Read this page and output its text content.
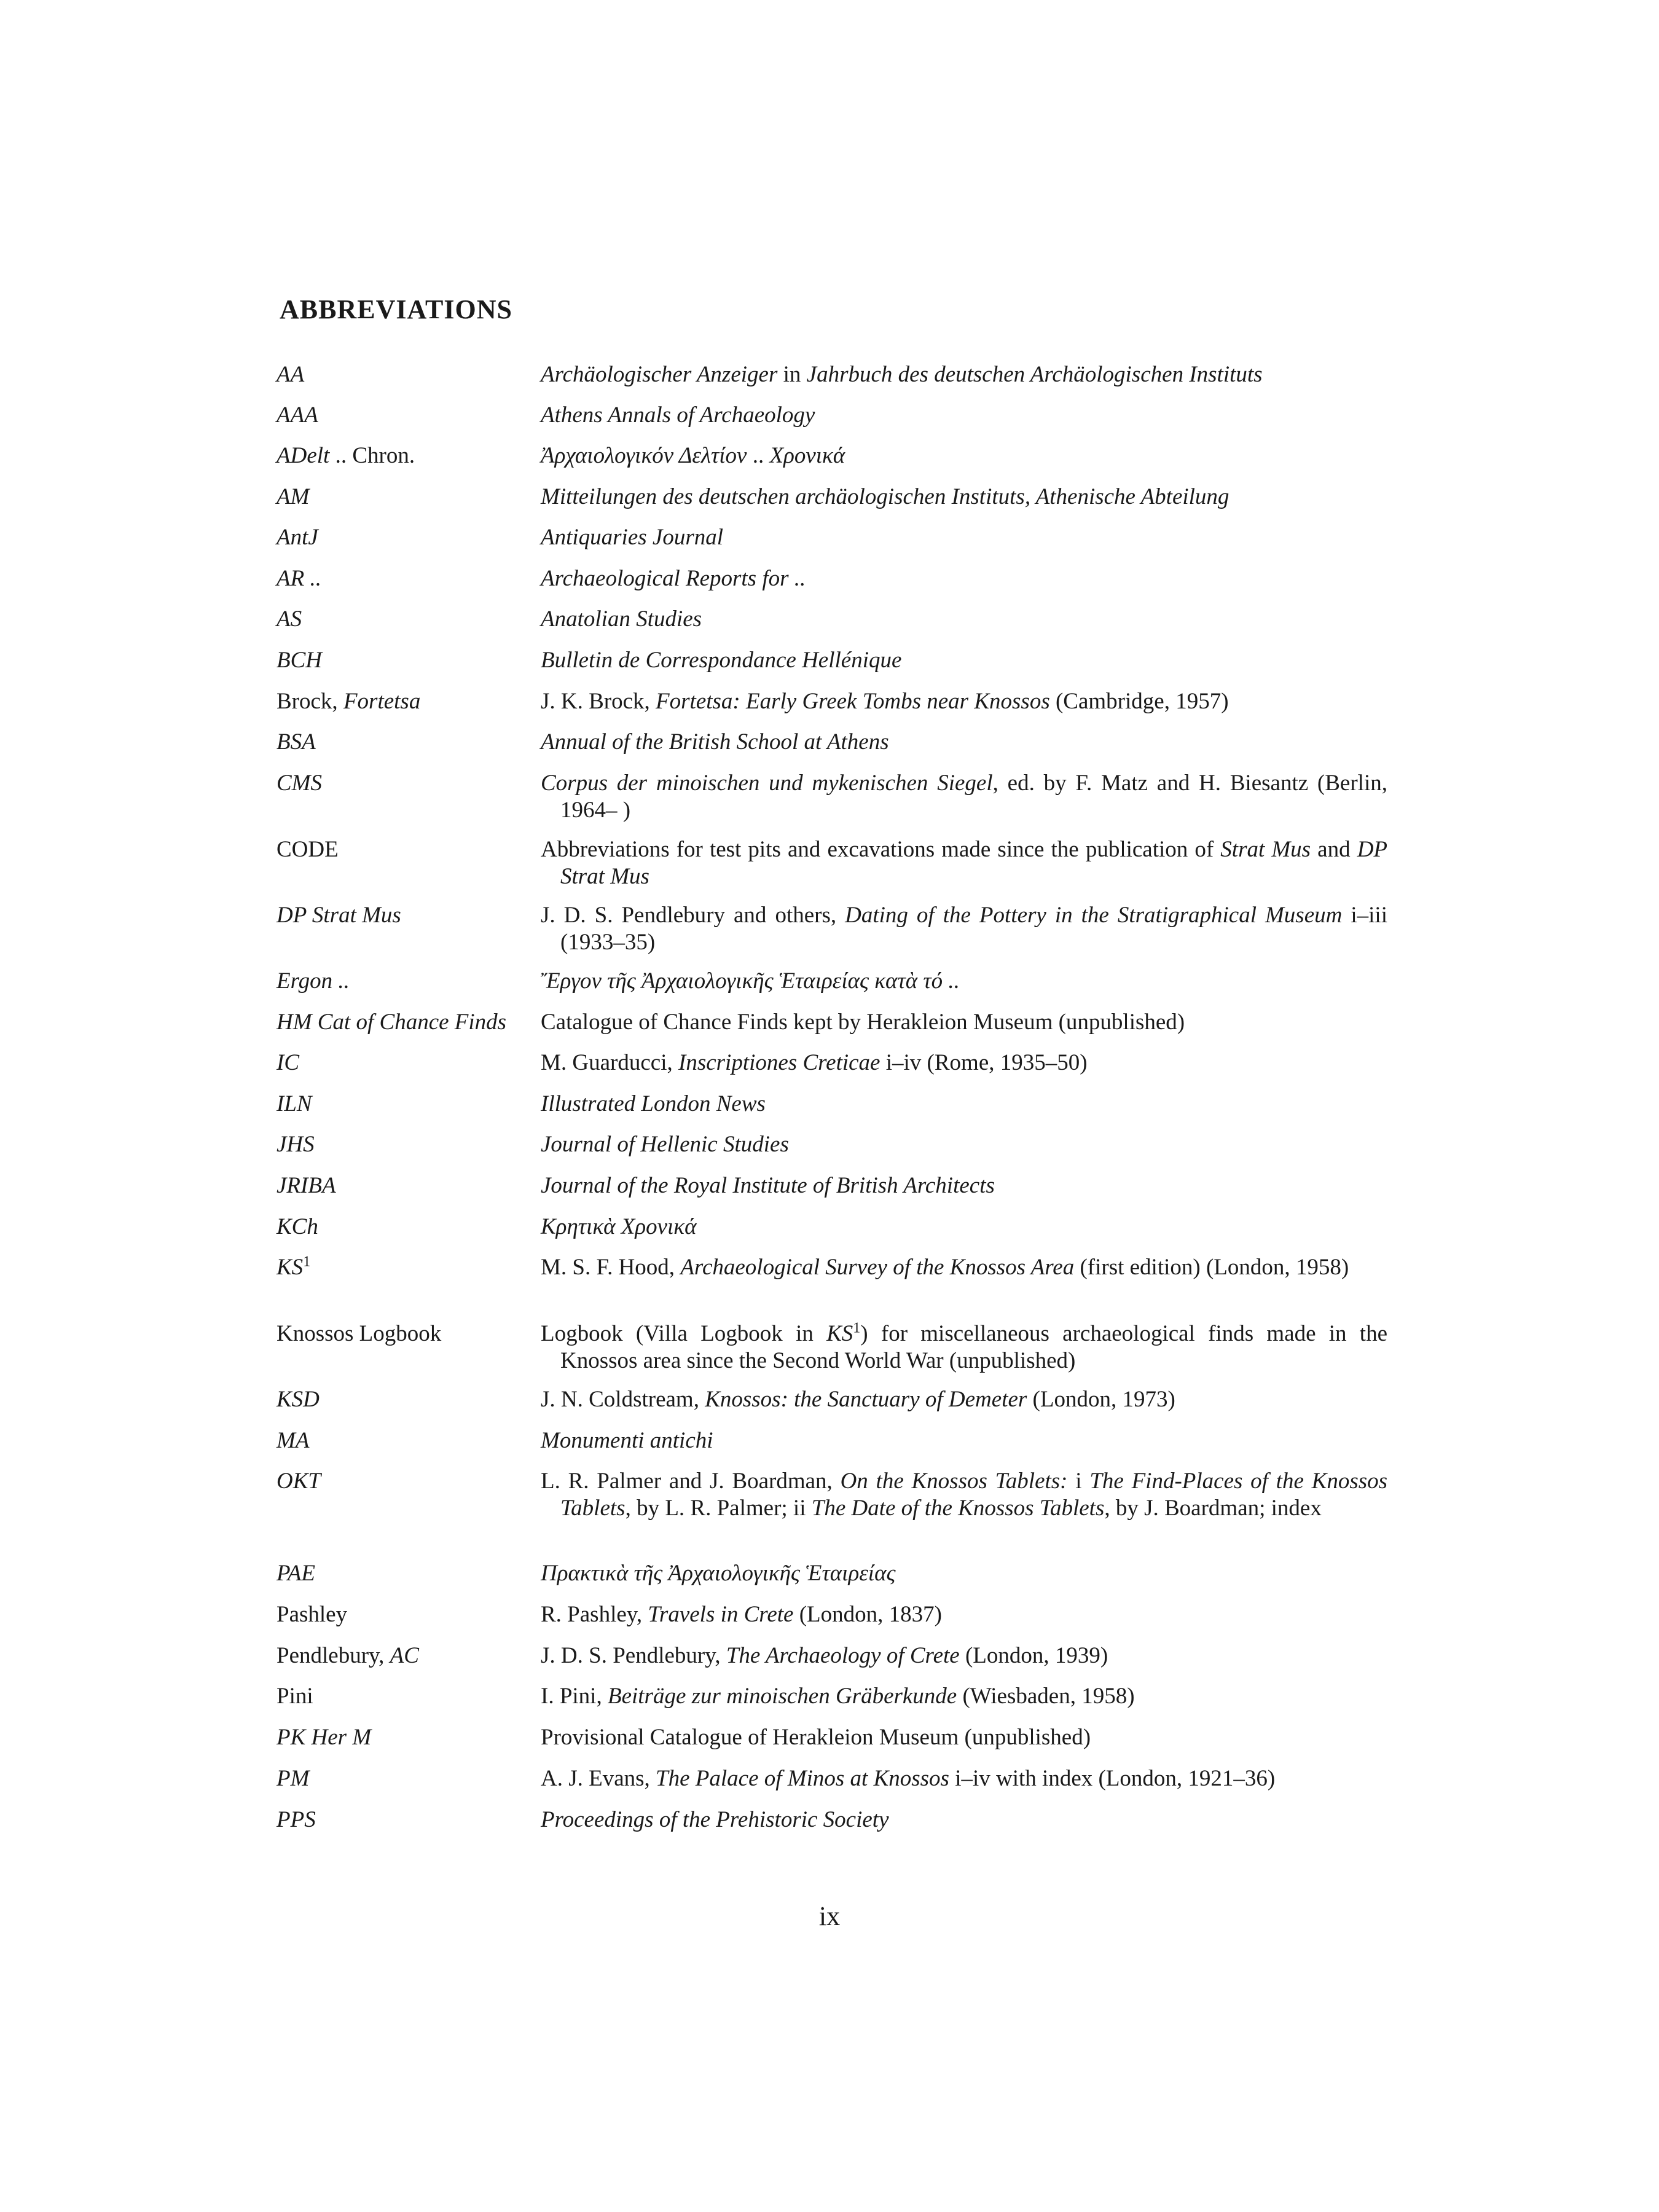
ABBREVIATIONS
AA	Archäologischer Anzeiger in Jahrbuch des deutschen Archäologischen Instituts
AAA	Athens Annals of Archaeology
ADelt .. Chron.	Ἀρχαιολογικόν Δελτίον .. Χρονικά
AM	Mitteilungen des deutschen archäologischen Instituts, Athenische Abteilung
AntJ	Antiquaries Journal
AR ..	Archaeological Reports for ..
AS	Anatolian Studies
BCH	Bulletin de Correspondance Hellénique
Brock, Fortetsa	J. K. Brock, Fortetsa: Early Greek Tombs near Knossos (Cambridge, 1957)
BSA	Annual of the British School at Athens
CMS	Corpus der minoischen und mykenischen Siegel, ed. by F. Matz and H. Biesantz (Berlin, 1964– )
CODE	Abbreviations for test pits and excavations made since the publication of Strat Mus and DP Strat Mus
DP Strat Mus	J. D. S. Pendlebury and others, Dating of the Pottery in the Stratigraphical Museum i–iii (1933–35)
Ergon ..	Ἔργον τῆς Ἀρχαιολογικῆς Ἑταιρείας κατὰ τό ..
HM Cat of Chance Finds	Catalogue of Chance Finds kept by Herakleion Museum (unpublished)
IC	M. Guarducci, Inscriptiones Creticae i–iv (Rome, 1935–50)
ILN	Illustrated London News
JHS	Journal of Hellenic Studies
JRIBA	Journal of the Royal Institute of British Architects
KCh	Κρητικὰ Χρονικά
$KS^1$	M. S. F. Hood, Archaeological Survey of the Knossos Area (first edition) (London, 1958)
Knossos Logbook	Logbook (Villa Logbook in $KS^1$) for miscellaneous archaeological finds made in the Knossos area since the Second World War (unpublished)
KSD	J. N. Coldstream, Knossos: the Sanctuary of Demeter (London, 1973)
MA	Monumenti antichi
OKT	L. R. Palmer and J. Boardman, On the Knossos Tablets: i The Find-Places of the Knossos Tablets, by L. R. Palmer; ii The Date of the Knossos Tablets, by J. Boardman; index
PAE	Πρακτικὰ τῆς Ἀρχαιολογικῆς Ἑταιρείας
Pashley	R. Pashley, Travels in Crete (London, 1837)
Pendlebury, AC	J. D. S. Pendlebury, The Archaeology of Crete (London, 1939)
Pini	I. Pini, Beiträge zur minoischen Gräberkunde (Wiesbaden, 1958)
PK Her M	Provisional Catalogue of Herakleion Museum (unpublished)
PM	A. J. Evans, The Palace of Minos at Knossos i–iv with index (London, 1921–36)
PPS	Proceedings of the Prehistoric Society

ix
